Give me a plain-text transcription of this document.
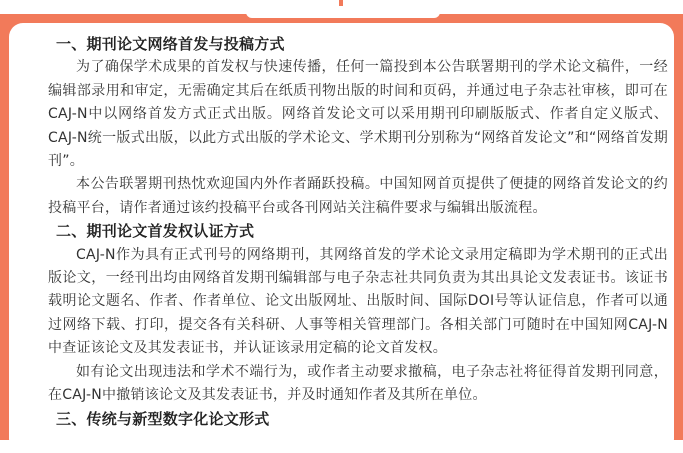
一、期刊论文网络首发与投稿方式

为了确保学术成果的首发权与快速传播，任何一篇投到本公告联署期刊的学术论文稿件，一经编辑部录用和审定，无需确定其后在纸质刊物出版的时间和页码，并通过电子杂志社审核，即可在CAJ-N中以网络首发方式正式出版。网络首发论文可以采用期刊印刷版版式、作者自定义版式、CAJ-N统一版式出版，以此方式出版的学术论文、学术期刊分别称为“网络首发论文”和“网络首发期刊”。

本公告联署期刊热忱欢迎国内外作者踊跃投稿。中国知网首页提供了便捷的网络首发论文的约投稿平台，请作者通过该约投稿平台或各刊网站关注稿件要求与编辑出版流程。

二、期刊论文首发权认证方式

CAJ-N作为具有正式刊号的网络期刊，其网络首发的学术论文录用定稿即为学术期刊的正式出版论文，一经刊出均由网络首发期刊编辑部与电子杂志社共同负责为其出具论文发表证书。该证书载明论文题名、作者、作者单位、论文出版网址、出版时间、国际DOI号等认证信息，作者可以通过网络下载、打印，提交各有关科研、人事等相关管理部门。各相关部门可随时在中国知网CAJ-N中查证该论文及其发表证书，并认证该录用定稿的论文首发权。

如有论文出现违法和学术不端行为，或作者主动要求撤稿，电子杂志社将征得首发期刊同意，在CAJ-N中撤销该论文及其发表证书，并及时通知作者及其所在单位。

三、传统与新型数字化论文形式
